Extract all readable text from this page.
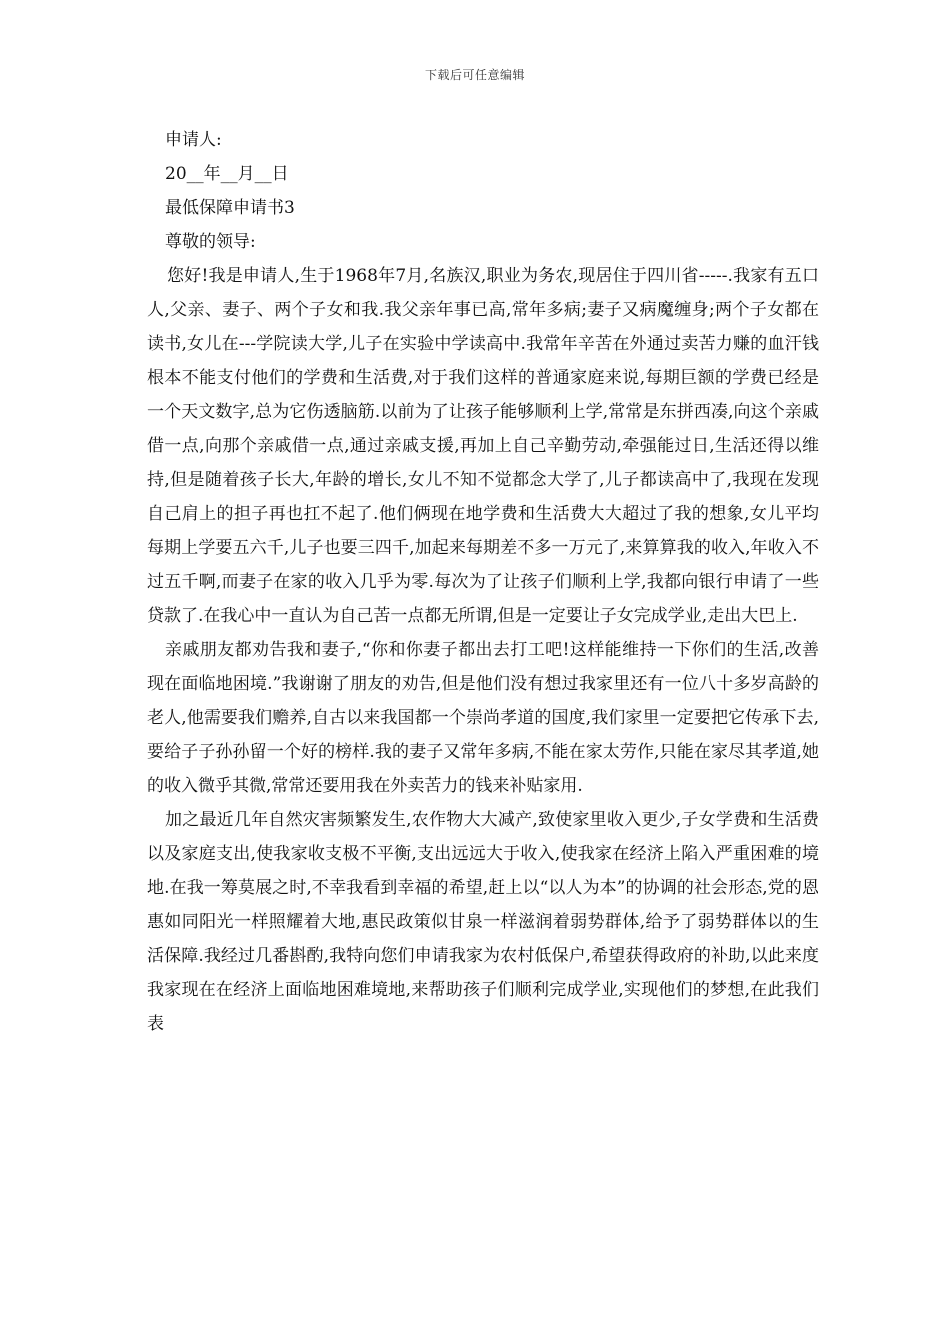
下载后可任意编辑
申请人:
20__年__月__日
最低保障申请书3
尊敬的领导:

您好!我是申请人,生于1968年7月,名族汉,职业为务农,现居住于四川省-----.我家有五口人,父亲、妻子、两个子女和我.我父亲年事已高,常年多病;妻子又病魔缠身;两个子女都在读书,女儿在---学院读大学,儿子在实验中学读高中.我常年辛苦在外通过卖苦力赚的血汗钱根本不能支付他们的学费和生活费,对于我们这样的普通家庭来说,每期巨额的学费已经是一个天文数字,总为它伤透脑筋.以前为了让孩子能够顺利上学,常常是东拼西凑,向这个亲戚借一点,向那个亲戚借一点,通过亲戚支援,再加上自己辛勤劳动,牵强能过日,生活还得以维持,但是随着孩子长大,年龄的增长,女儿不知不觉都念大学了,儿子都读高中了,我现在发现自己肩上的担子再也扛不起了.他们俩现在地学费和生活费大大超过了我的想象,女儿平均每期上学要五六千,儿子也要三四千,加起来每期差不多一万元了,来算算我的收入,年收入不过五千啊,而妻子在家的收入几乎为零.每次为了让孩子们顺利上学,我都向银行申请了一些贷款了.在我心中一直认为自己苦一点都无所谓,但是一定要让子女完成学业,走出大巴上.

亲戚朋友都劝告我和妻子,“你和你妻子都出去打工吧!这样能维持一下你们的生活,改善现在面临地困境.”我谢谢了朋友的劝告,但是他们没有想过我家里还有一位八十多岁高龄的老人,他需要我们赡养,自古以来我国都一个崇尚孝道的国度,我们家里一定要把它传承下去,要给子子孙孙留一个好的榜样.我的妻子又常年多病,不能在家太劳作,只能在家尽其孝道,她的收入微乎其微,常常还要用我在外卖苦力的钱来补贴家用.

加之最近几年自然灾害频繁发生,农作物大大减产,致使家里收入更少,子女学费和生活费以及家庭支出,使我家收支极不平衡,支出远远大于收入,使我家在经济上陷入严重困难的境地.在我一筹莫展之时,不幸我看到幸福的希望,赶上以“以人为本”的协调的社会形态,党的恩惠如同阳光一样照耀着大地,惠民政策似甘泉一样滋润着弱势群体,给予了弱势群体以的生活保障.我经过几番斟酌,我特向您们申请我家为农村低保户,希望获得政府的补助,以此来度我家现在在经济上面临地困难境地,来帮助孩子们顺利完成学业,实现他们的梦想,在此我们表
